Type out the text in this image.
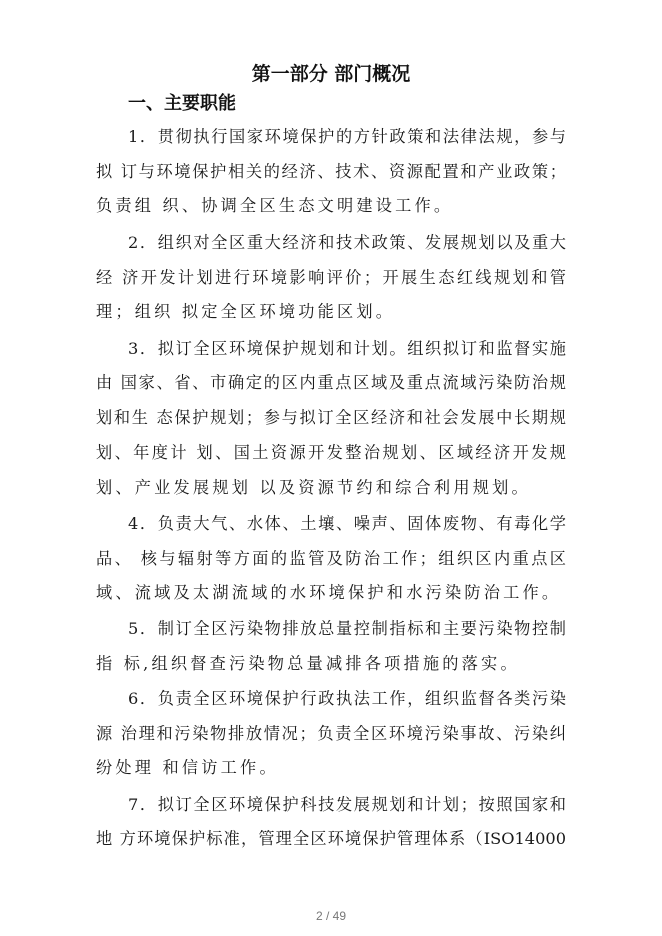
第一部分 部门概况
一、主要职能
1．贯彻执行国家环境保护的方针政策和法律法规，参与
拟 订与环境保护相关的经济、技术、资源配置和产业政策；
负责组 织、协调全区生态文明建设工作。
2．组织对全区重大经济和技术政策、发展规划以及重大
经 济开发计划进行环境影响评价；开展生态红线规划和管
理；组织 拟定全区环境功能区划。
3．拟订全区环境保护规划和计划。组织拟订和监督实施
由 国家、省、市确定的区内重点区域及重点流域污染防治规
划和生 态保护规划；参与拟订全区经济和社会发展中长期规
划、年度计 划、国土资源开发整治规划、区域经济开发规
划、产业发展规划 以及资源节约和综合利用规划。
4．负责大气、水体、土壤、噪声、固体废物、有毒化学
品、 核与辐射等方面的监管及防治工作；组织区内重点区
域、流域及太湖流域的水环境保护和水污染防治工作。
5．制订全区污染物排放总量控制指标和主要污染物控制
指 标,组织督查污染物总量减排各项措施的落实。
6．负责全区环境保护行政执法工作，组织监督各类污染
源 治理和污染物排放情况；负责全区环境污染事故、污染纠
纷处理 和信访工作。
7．拟订全区环境保护科技发展规划和计划；按照国家和
地 方环境保护标准，管理全区环境保护管理体系（ISO14000
2 / 49
